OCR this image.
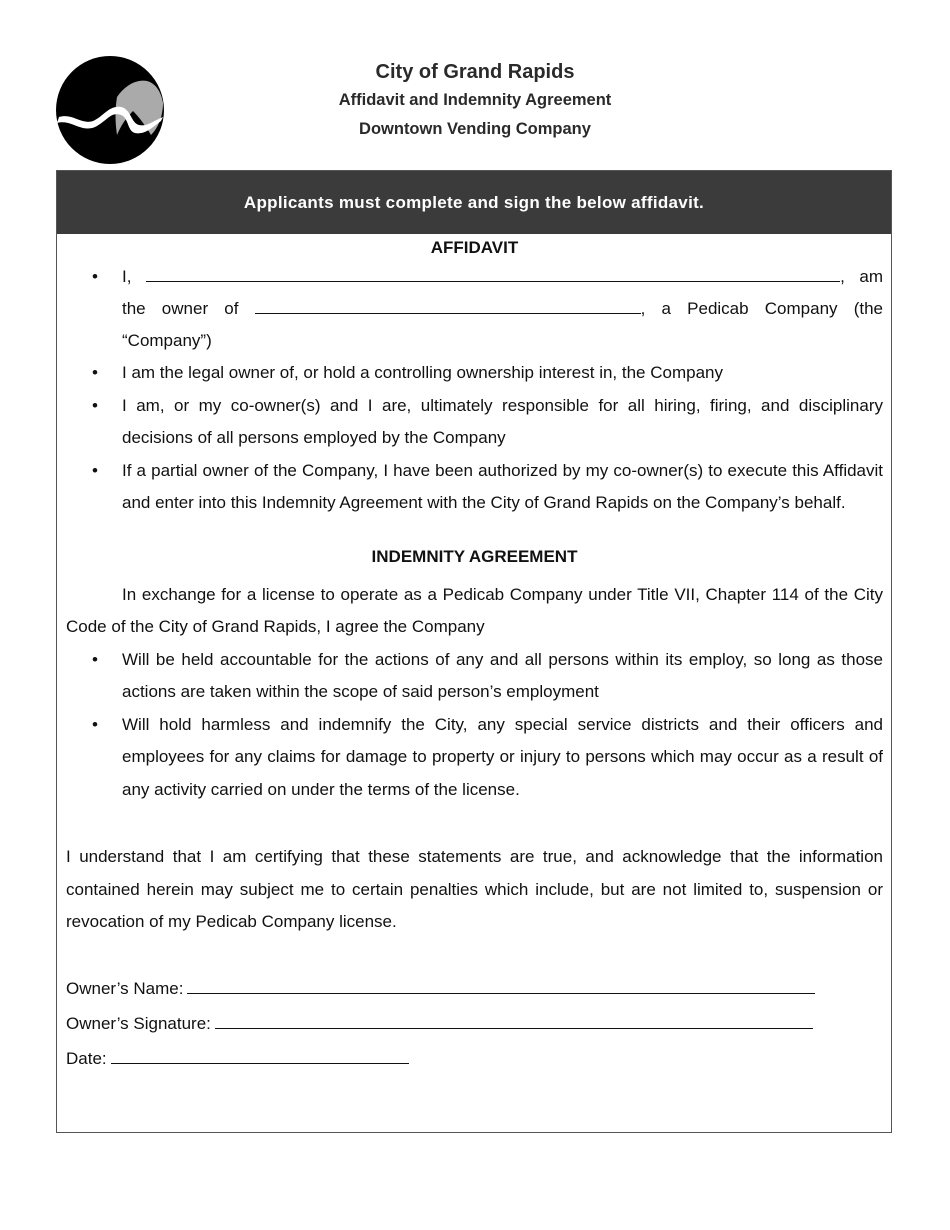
City of Grand Rapids
Affidavit and Indemnity Agreement
Downtown Vending Company
Applicants must complete and sign the below affidavit.
AFFIDAVIT
• I,	, am the owner of	, a Pedicab Company (the “Company”)
• I am the legal owner of, or hold a controlling ownership interest in, the Company
• I am, or my co-owner(s) and I are, ultimately responsible for all hiring, firing, and disciplinary decisions of all persons employed by the Company
• If a partial owner of the Company, I have been authorized by my co-owner(s) to execute this Affidavit and enter into this Indemnity Agreement with the City of Grand Rapids on the Company’s behalf.
INDEMNITY AGREEMENT
In exchange for a license to operate as a Pedicab Company under Title VII, Chapter 114 of the City Code of the City of Grand Rapids, I agree the Company
• Will be held accountable for the actions of any and all persons within its employ, so long as those actions are taken within the scope of said person’s employment
• Will hold harmless and indemnify the City, any special service districts and their officers and employees for any claims for damage to property or injury to persons which may occur as a result of any activity carried on under the terms of the license.
I understand that I am certifying that these statements are true, and acknowledge that the information contained herein may subject me to certain penalties which include, but are not limited to, suspension or revocation of my Pedicab Company license.
Owner’s Name:
Owner’s Signature:
Date:
